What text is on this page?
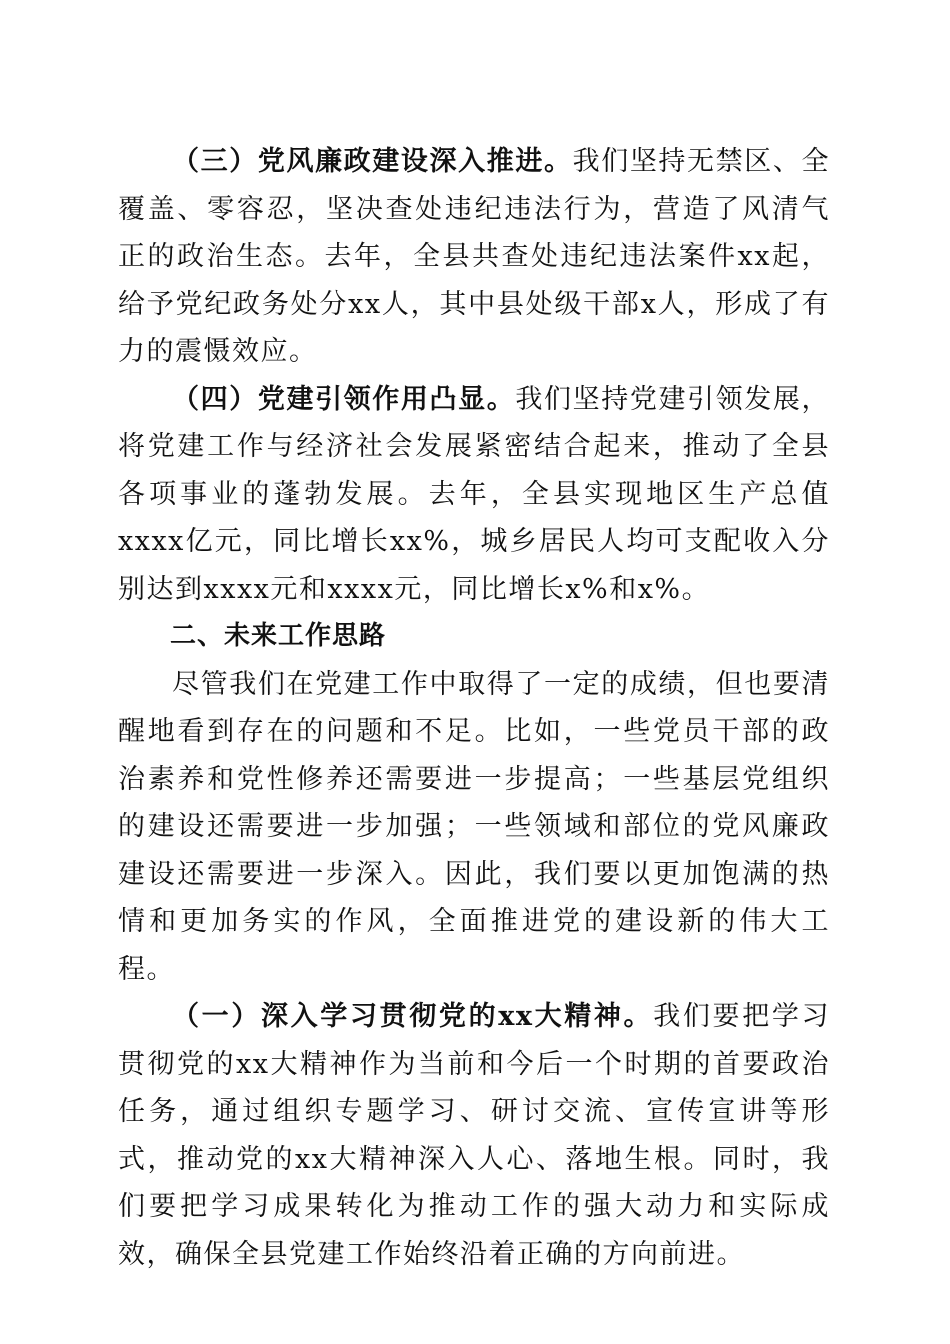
（三）党风廉政建设深入推进。我们坚持无禁区、全覆盖、零容忍，坚决查处违纪违法行为，营造了风清气正的政治生态。去年，全县共查处违纪违法案件xx起，给予党纪政务处分xx人，其中县处级干部x人，形成了有力的震慑效应。

（四）党建引领作用凸显。我们坚持党建引领发展，将党建工作与经济社会发展紧密结合起来，推动了全县各项事业的蓬勃发展。去年，全县实现地区生产总值xxxx亿元，同比增长xx%，城乡居民人均可支配收入分别达到xxxx元和xxxx元，同比增长x%和x%。

二、未来工作思路

尽管我们在党建工作中取得了一定的成绩，但也要清醒地看到存在的问题和不足。比如，一些党员干部的政治素养和党性修养还需要进一步提高；一些基层党组织的建设还需要进一步加强；一些领域和部位的党风廉政建设还需要进一步深入。因此，我们要以更加饱满的热情和更加务实的作风，全面推进党的建设新的伟大工程。

（一）深入学习贯彻党的xx大精神。我们要把学习贯彻党的xx大精神作为当前和今后一个时期的首要政治任务，通过组织专题学习、研讨交流、宣传宣讲等形式，推动党的xx大精神深入人心、落地生根。同时，我们要把学习成果转化为推动工作的强大动力和实际成效，确保全县党建工作始终沿着正确的方向前进。
